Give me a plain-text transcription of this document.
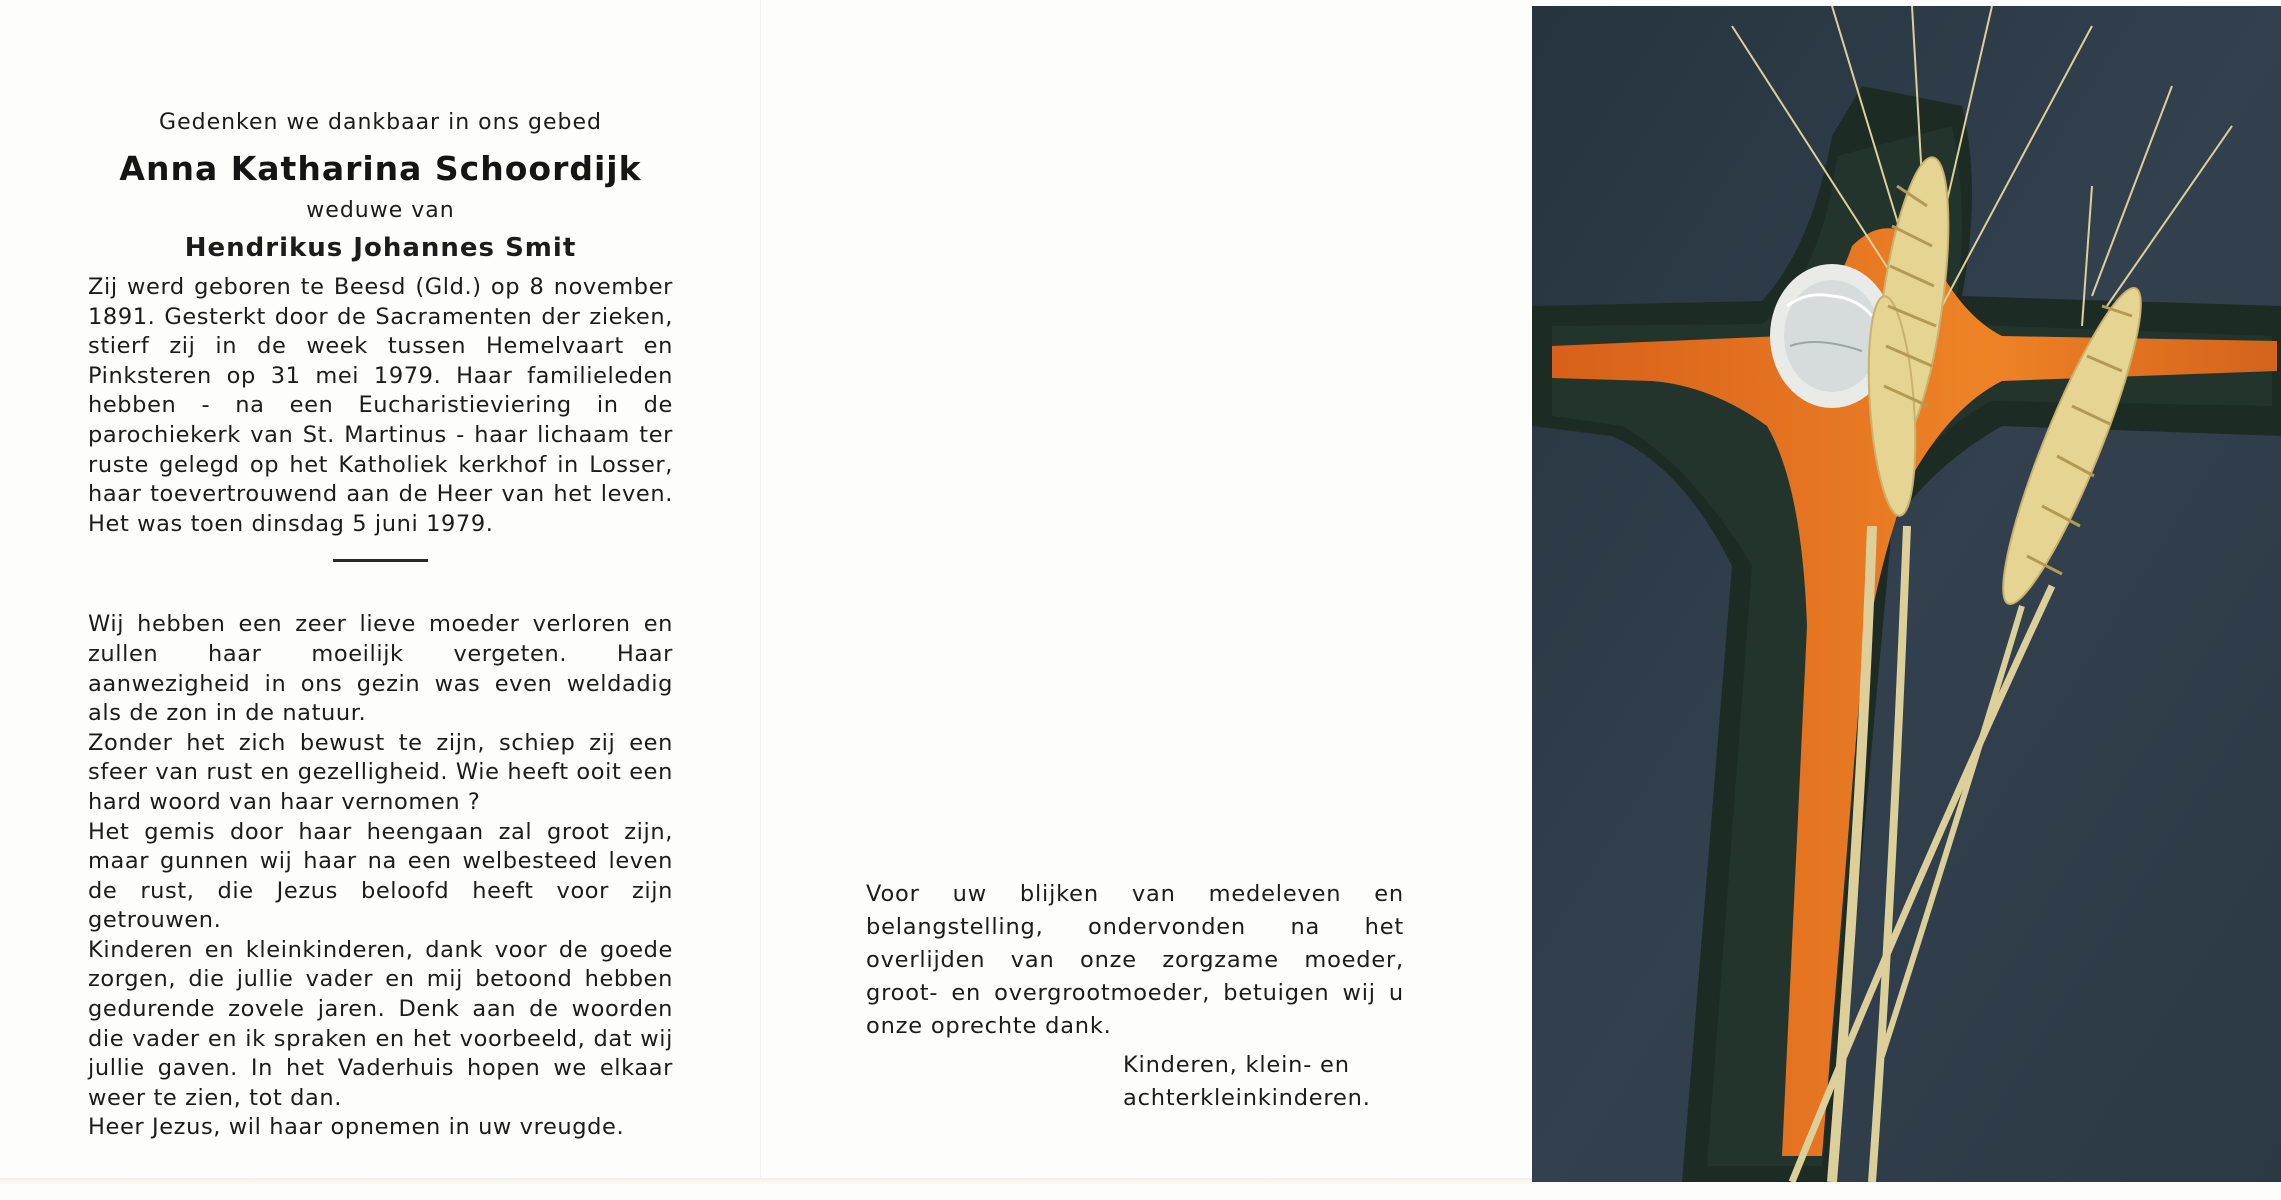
Gedenken we dankbaar in ons gebed

Anna Katharina Schoordijk

weduwe van

Hendrikus Johannes Smit

Zij werd geboren te Beesd (Gld.) op 8 november 1891. Gesterkt door de Sacramenten der zieken, stierf zij in de week tussen Hemelvaart en Pinksteren op 31 mei 1979. Haar familieleden hebben - na een Eucharistieviering in de parochiekerk van St. Martinus - haar lichaam ter ruste gelegd op het Katholiek kerkhof in Losser, haar toevertrouwend aan de Heer van het leven. Het was toen dinsdag 5 juni 1979.

Wij hebben een zeer lieve moeder verloren en zullen haar moeilijk vergeten. Haar aanwezigheid in ons gezin was even weldadig als de zon in de natuur.

Zonder het zich bewust te zijn, schiep zij een sfeer van rust en gezelligheid. Wie heeft ooit een hard woord van haar vernomen ?

Het gemis door haar heengaan zal groot zijn, maar gunnen wij haar na een welbesteed leven de rust, die Jezus beloofd heeft voor zijn getrouwen.

Kinderen en kleinkinderen, dank voor de goede zorgen, die jullie vader en mij betoond hebben gedurende zovele jaren. Denk aan de woorden die vader en ik spraken en het voorbeeld, dat wij jullie gaven. In het Vaderhuis hopen we elkaar weer te zien, tot dan.

Heer Jezus, wil haar opnemen in uw vreugde.

Voor uw blijken van medeleven en belangstelling, ondervonden na het overlijden van onze zorgzame moeder, groot- en overgrootmoeder, betuigen wij u onze oprechte dank.

Kinderen, klein- en
achterkleinkinderen.
